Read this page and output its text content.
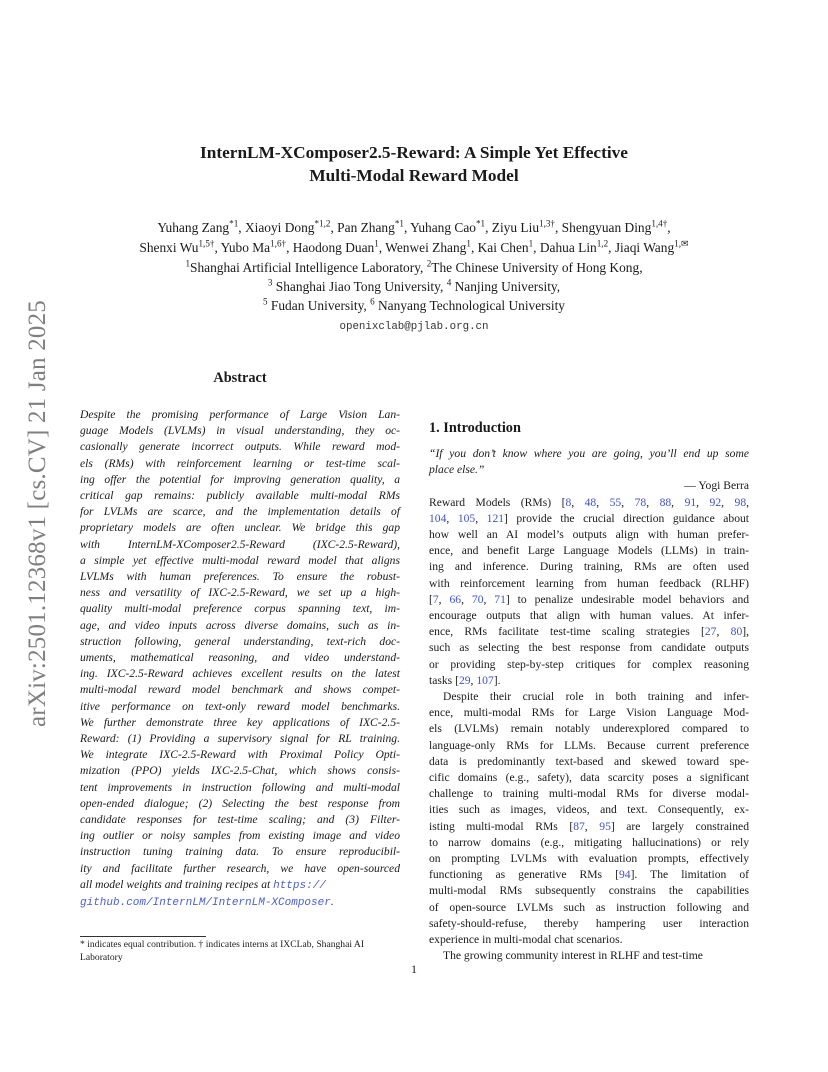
arXiv:2501.12368v1 [cs.CV] 21 Jan 2025
InternLM-XComposer2.5-Reward: A Simple Yet Effective
Multi-Modal Reward Model
Yuhang Zang$^{*1}$, Xiaoyi Dong$^{*1,2}$, Pan Zhang$^{*1}$, Yuhang Cao$^{*1}$, Ziyu Liu$^{1,3\dagger}$, Shengyuan Ding$^{1,4\dagger}$,
Shenxi $Wu^{1,5\dagger}$, Yubo $Ma^{1,6\dagger}$, Haodong Duan$^1$, Wenwei Zhang$^1$, Kai Chen$^1$, Dahua Lin$^{1,2}$, Jiaqi Wang$^{1,✉}$
$^1$Shanghai Artificial Intelligence Laboratory, $^2$The Chinese University of Hong Kong,
$^3$ Shanghai Jiao Tong University, $^4$ Nanjing University,
$^5$ Fudan University, $^6$ Nanyang Technological University
openixclab@pjlab.org.cn
Abstract

Despite the promising performance of Large Vision Lan-

guage Models (LVLMs) in visual understanding, they oc-

casionally generate incorrect outputs. While reward mod-

els (RMs) with reinforcement learning or test-time scal-

ing offer the potential for improving generation quality, a

critical gap remains: publicly available multi-modal RMs

for LVLMs are scarce, and the implementation details of

proprietary models are often unclear. We bridge this gap

with InternLM-XComposer2.5-Reward (IXC-2.5-Reward),

a simple yet effective multi-modal reward model that aligns

LVLMs with human preferences. To ensure the robust-

ness and versatility of IXC-2.5-Reward, we set up a high-

quality multi-modal preference corpus spanning text, im-

age, and video inputs across diverse domains, such as in-

struction following, general understanding, text-rich doc-

uments, mathematical reasoning, and video understand-

ing. IXC-2.5-Reward achieves excellent results on the latest

multi-modal reward model benchmark and shows compet-

itive performance on text-only reward model benchmarks.

We further demonstrate three key applications of IXC-2.5-

Reward: (1) Providing a supervisory signal for RL training.

We integrate IXC-2.5-Reward with Proximal Policy Opti-

mization (PPO) yields IXC-2.5-Chat, which shows consis-

tent improvements in instruction following and multi-modal

open-ended dialogue; (2) Selecting the best response from

candidate responses for test-time scaling; and (3) Filter-

ing outlier or noisy samples from existing image and video

instruction tuning training data. To ensure reproducibil-

ity and facilitate further research, we have open-sourced

all model weights and training recipes at https://

github.com/InternLM/InternLM-XComposer.

* indicates equal contribution. † indicates interns at IXCLab, Shanghai AI
Laboratory
1. Introduction

“If you don’t know where you are going, you’ll end up some

place else.”

— Yogi Berra

Reward Models (RMs) [8, 48, 55, 78, 88, 91, 92, 98,

104, 105, 121] provide the crucial direction guidance about

how well an AI model’s outputs align with human prefer-

ence, and benefit Large Language Models (LLMs) in train-

ing and inference. During training, RMs are often used

with reinforcement learning from human feedback (RLHF)

[7, 66, 70, 71] to penalize undesirable model behaviors and

encourage outputs that align with human values. At infer-

ence, RMs facilitate test-time scaling strategies [27, 80],

such as selecting the best response from candidate outputs

or providing step-by-step critiques for complex reasoning

tasks [29, 107].

Despite their crucial role in both training and infer-

ence, multi-modal RMs for Large Vision Language Mod-

els (LVLMs) remain notably underexplored compared to

language-only RMs for LLMs. Because current preference

data is predominantly text-based and skewed toward spe-

cific domains (e.g., safety), data scarcity poses a significant

challenge to training multi-modal RMs for diverse modal-

ities such as images, videos, and text. Consequently, ex-

isting multi-modal RMs [87, 95] are largely constrained

to narrow domains (e.g., mitigating hallucinations) or rely

on prompting LVLMs with evaluation prompts, effectively

functioning as generative RMs [94]. The limitation of

multi-modal RMs subsequently constrains the capabilities

of open-source LVLMs such as instruction following and

safety-should-refuse, thereby hampering user interaction

experience in multi-modal chat scenarios.

The growing community interest in RLHF and test-time

1
